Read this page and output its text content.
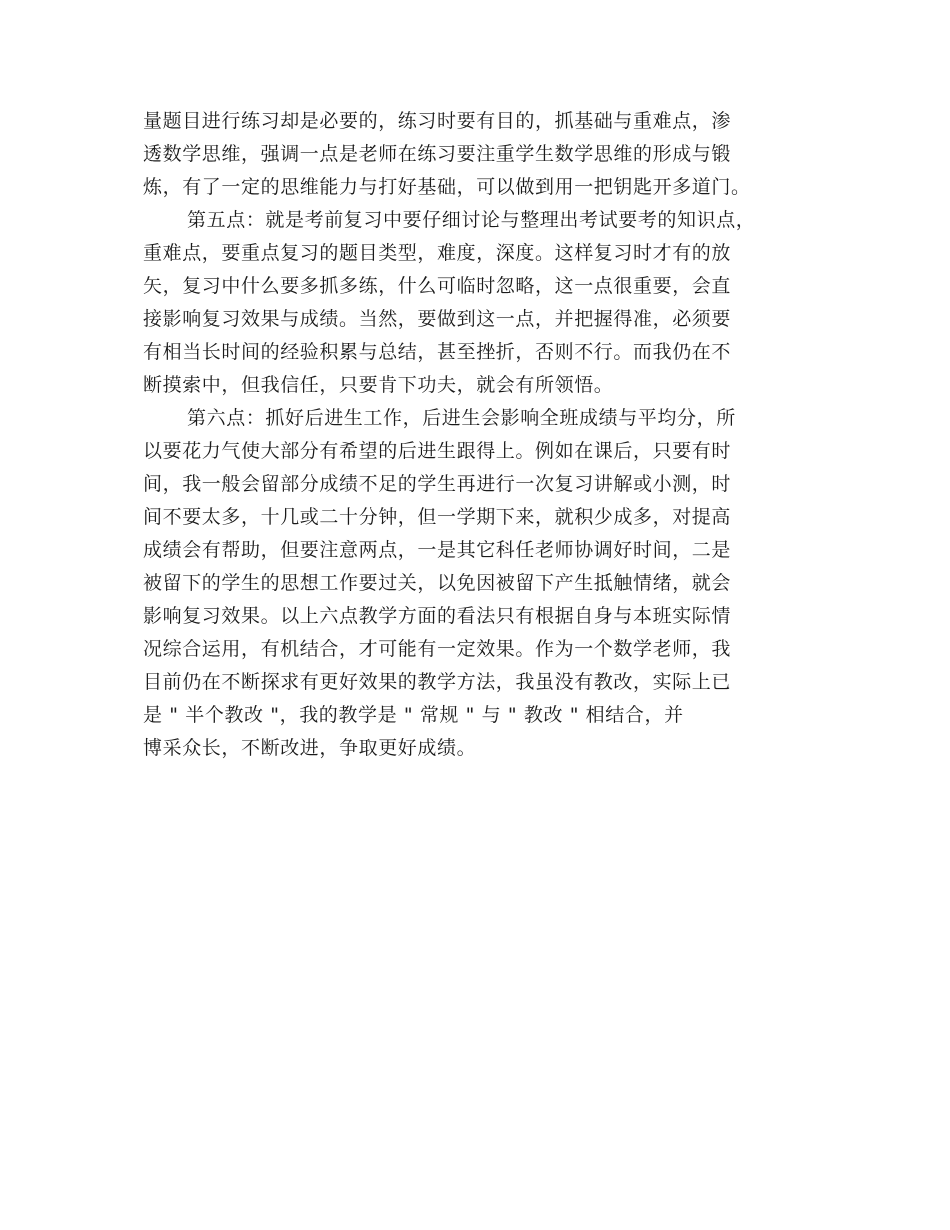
量题目进行练习却是必要的，练习时要有目的，抓基础与重难点，渗
透数学思维，强调一点是老师在练习要注重学生数学思维的形成与锻
炼，有了一定的思维能力与打好基础，可以做到用一把钥匙开多道门。
第五点：就是考前复习中要仔细讨论与整理出考试要考的知识点，
重难点，要重点复习的题目类型，难度，深度。这样复习时才有的放
矢，复习中什么要多抓多练，什么可临时忽略，这一点很重要，会直
接影响复习效果与成绩。当然，要做到这一点，并把握得准，必须要
有相当长时间的经验积累与总结，甚至挫折，否则不行。而我仍在不
断摸索中，但我信任，只要肯下功夫，就会有所领悟。
第六点：抓好后进生工作，后进生会影响全班成绩与平均分，所
以要花力气使大部分有希望的后进生跟得上。例如在课后，只要有时
间，我一般会留部分成绩不足的学生再进行一次复习讲解或小测，时
间不要太多，十几或二十分钟，但一学期下来，就积少成多，对提高
成绩会有帮助，但要注意两点，一是其它科任老师协调好时间，二是
被留下的学生的思想工作要过关，以免因被留下产生抵触情绪，就会
影响复习效果。以上六点教学方面的看法只有根据自身与本班实际情
况综合运用，有机结合，才可能有一定效果。作为一个数学老师，我
目前仍在不断探求有更好效果的教学方法，我虽没有教改，实际上已
是 " 半个教改 "，我的教学是 " 常规 " 与 " 教改 " 相结合，并
博采众长，不断改进，争取更好成绩。
